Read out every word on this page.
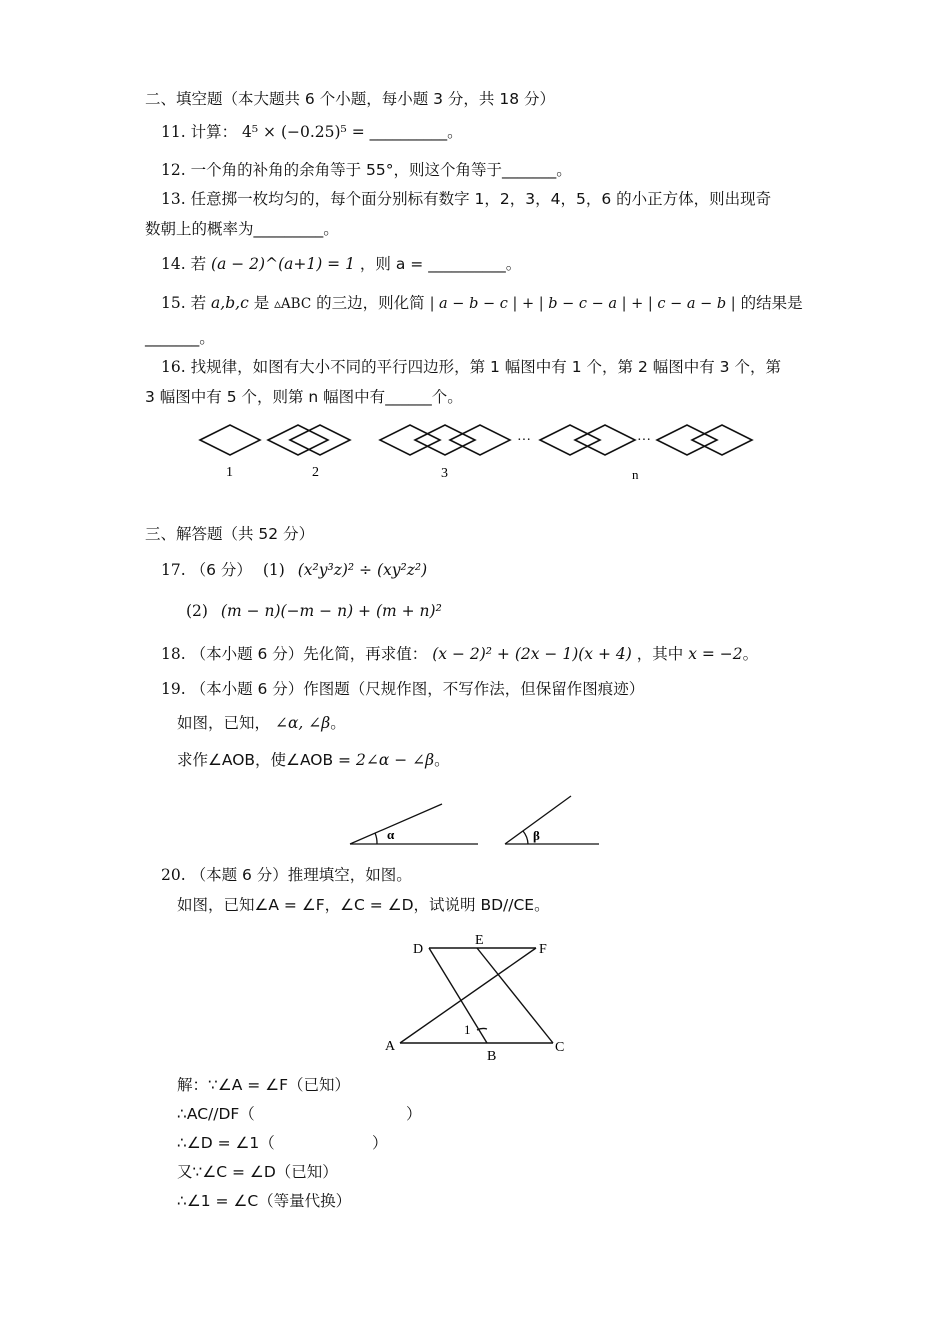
二、填空题（本大题共 6 个小题，每小题 3 分，共 18 分）
11. 计算： 4⁵ × (−0.25)⁵ = __________。
12. 一个角的补角的余角等于 55°，则这个角等于_______。
13. 任意掷一枚均匀的，每个面分别标有数字 1，2，3，4，5，6 的小正方体，则出现奇
数朝上的概率为_________。
14. 若 (a − 2)^(a+1) = 1 ，则 a = __________。
15. 若 a,b,c 是 ▵ABC 的三边，则化简 | a − b − c | + | b − c − a | + | c − a − b | 的结果是
_______。
16. 找规律，如图有大小不同的平行四边形，第 1 幅图中有 1 个，第 2 幅图中有 3 个，第
3 幅图中有 5 个，则第 n 幅图中有______个。
···	···
1	2	3	n
三、解答题（共 52 分）
17. （6 分） (1) (x²y³z)² ÷ (xy²z²)
(2) (m − n)(−m − n) + (m + n)²
18. （本小题 6 分）先化简，再求值： (x − 2)² + (2x − 1)(x + 4) ，其中 x = −2。
19. （本小题 6 分）作图题（尺规作图，不写作法，但保留作图痕迹）
如图，已知， ∠α, ∠β。
求作∠AOB，使∠AOB = 2∠α − ∠β。
α	β
20. （本题 6 分）推理填空，如图。
如图，已知∠A = ∠F，∠C = ∠D，试说明 BD//CE。
D
E
F
A
B
C
1
解：∵∠A = ∠F（已知）
∴AC//DF（	）
∴∠D = ∠1（	）
又∵∠C = ∠D（已知）
∴∠1 = ∠C（等量代换）
